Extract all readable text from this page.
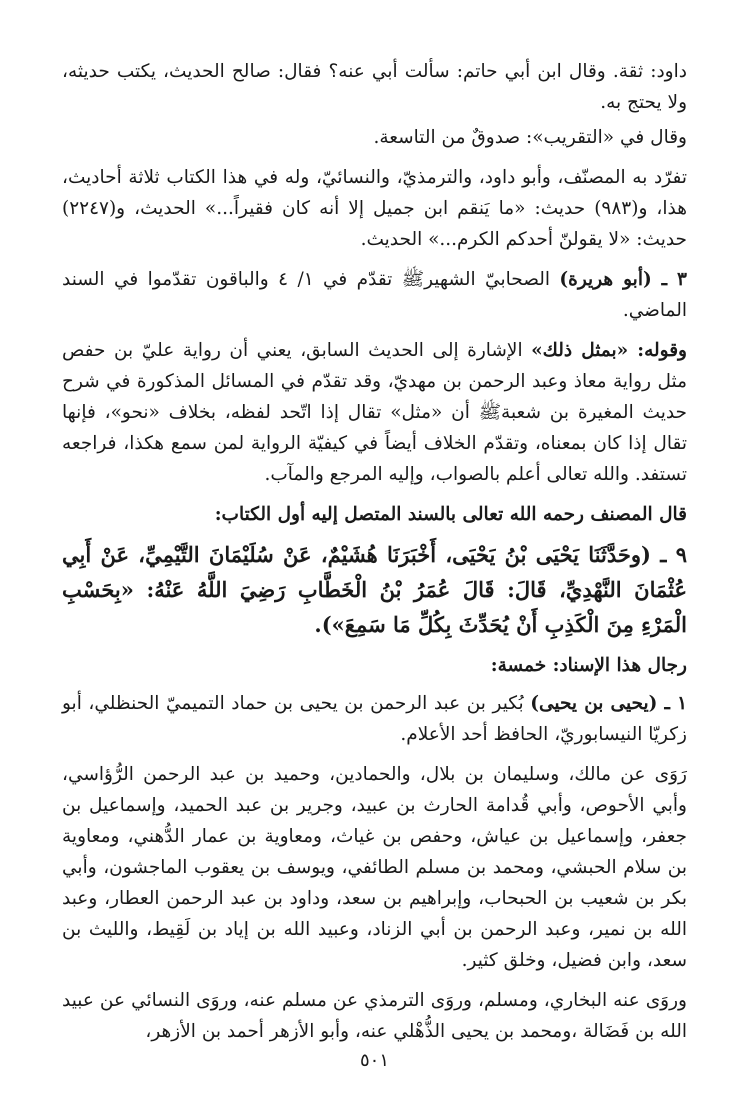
داود: ثقة. وقال ابن أبي حاتم: سألت أبي عنه؟ فقال: صالح الحديث، يكتب حديثه، ولا يحتج به.

وقال في «التقريب»: صدوقٌ من التاسعة.

تفرّد به المصنّف، وأبو داود، والترمذيّ، والنسائيّ، وله في هذا الكتاب ثلاثة أحاديث، هذا، و(٩٨٣) حديث: «ما يَنقم ابن جميل إلا أنه كان فقيراً...» الحديث، و(٢٢٤٧) حديث: «لا يقولنّ أحدكم الكرم...» الحديث.

٣ ـ (أبو هريرة) الصحابيّ الشهيرﷺ تقدّم في ١/ ٤ والباقون تقدّموا في السند الماضي.

وقوله: «بمثل ذلك» الإشارة إلى الحديث السابق، يعني أن رواية عليّ بن حفص مثل رواية معاذ وعبد الرحمن بن مهديّ، وقد تقدّم في المسائل المذكورة في شرح حديث المغيرة بن شعبةﷺ أن «مثل» تقال إذا اتّحد لفظه، بخلاف «نحو»، فإنها تقال إذا كان بمعناه، وتقدّم الخلاف أيضاً في كيفيّة الرواية لمن سمع هكذا، فراجعه تستفد. والله تعالى أعلم بالصواب، وإليه المرجع والمآب.

قال المصنف رحمه الله تعالى بالسند المتصل إليه أول الكتاب:

٩ ـ (وحَدَّثَنَا يَحْيَى بْنُ يَحْيَى، أَخْبَرَنَا هُشَيْمٌ، عَنْ سُلَيْمَانَ التَّيْمِيِّ، عَنْ أَبِي عُثْمَانَ النَّهْدِيِّ، قَالَ: قَالَ عُمَرُ بْنُ الْخَطَّابِ رَضِيَ اللَّهُ عَنْهُ: «بِحَسْبِ الْمَرْءِ مِنَ الْكَذِبِ أَنْ يُحَدِّثَ بِكُلِّ مَا سَمِعَ»).

رجال هذا الإسناد: خمسة:

١ ـ (يحيى بن يحيى) بُكير بن عبد الرحمن بن يحيى بن حماد التميميّ الحنظلي، أبو زكريّا النيسابوريّ، الحافظ أحد الأعلام.

رَوَى عن مالك، وسليمان بن بلال، والحمادين، وحميد بن عبد الرحمن الرُّؤاسي، وأبي الأحوص، وأبي قُدامة الحارث بن عبيد، وجرير بن عبد الحميد، وإسماعيل بن جعفر، وإسماعيل بن عياش، وحفص بن غياث، ومعاوية بن عمار الدُّهني، ومعاوية بن سلام الحبشي، ومحمد بن مسلم الطائفي، ويوسف بن يعقوب الماجشون، وأبي بكر بن شعيب بن الحبحاب، وإبراهيم بن سعد، وداود بن عبد الرحمن العطار، وعبد الله بن نمير، وعبد الرحمن بن أبي الزناد، وعبيد الله بن إياد بن لَقِيط، والليث بن سعد، وابن فضيل، وخلق كثير.

وروَى عنه البخاري، ومسلم، وروَى الترمذي عن مسلم عنه، وروَى النسائي عن عبيد الله بن فَضَالة ،ومحمد بن يحيى الذُّهْلي عنه، وأبو الأزهر أحمد بن الأزهر،

٥٠١
